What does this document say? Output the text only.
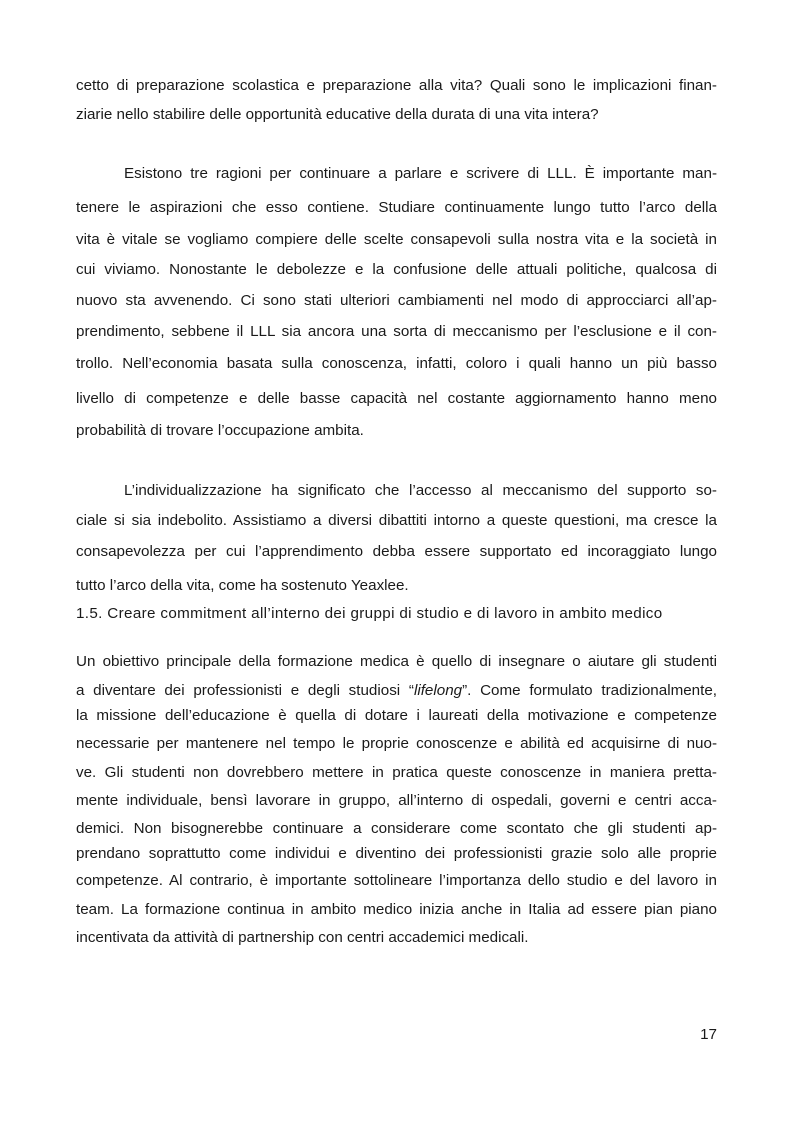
cetto di preparazione scolastica e preparazione alla vita? Quali sono le implicazioni finan-
ziarie nello stabilire delle opportunità educative della durata di una vita intera?
Esistono tre ragioni per continuare a parlare e scrivere di LLL. È importante man-
tenere le aspirazioni che esso contiene. Studiare continuamente lungo tutto l’arco della
vita è vitale se vogliamo compiere delle scelte consapevoli sulla nostra vita e la società in
cui viviamo. Nonostante le debolezze e la confusione delle attuali politiche, qualcosa di
nuovo sta avvenendo. Ci sono stati ulteriori cambiamenti nel modo di approcciarci all’ap-
prendimento, sebbene il LLL sia ancora una sorta di meccanismo per l’esclusione e il con-
trollo. Nell’economia basata sulla conoscenza, infatti, coloro i quali hanno un più basso
livello di competenze e delle basse capacità nel costante aggiornamento hanno meno
probabilità di trovare l’occupazione ambita.
L’individualizzazione ha significato che l’accesso al meccanismo del supporto so-
ciale si sia indebolito. Assistiamo a diversi dibattiti intorno a queste questioni, ma cresce la
consapevolezza per cui l’apprendimento debba essere supportato ed incoraggiato lungo
tutto l’arco della vita, come ha sostenuto Yeaxlee.
1.5. Creare commitment all’interno dei gruppi di studio e di lavoro in ambito medico
Un obiettivo principale della formazione medica è quello di insegnare o aiutare gli studenti
a diventare dei professionisti e degli studiosi “lifelong”. Come formulato tradizionalmente,
la missione dell’educazione è quella di dotare i laureati della motivazione e competenze
necessarie per mantenere nel tempo le proprie conoscenze e abilità ed acquisirne di nuo-
ve. Gli studenti non dovrebbero mettere in pratica queste conoscenze in maniera pretta-
mente individuale, bensì lavorare in gruppo, all’interno di ospedali, governi e centri acca-
demici. Non bisognerebbe continuare a considerare come scontato che gli studenti ap-
prendano soprattutto come individui e diventino dei professionisti grazie solo alle proprie
competenze. Al contrario, è importante sottolineare l’importanza dello studio e del lavoro in
team. La formazione continua in ambito medico inizia anche in Italia ad essere pian piano
incentivata da attività di partnership con centri accademici medicali.
17
